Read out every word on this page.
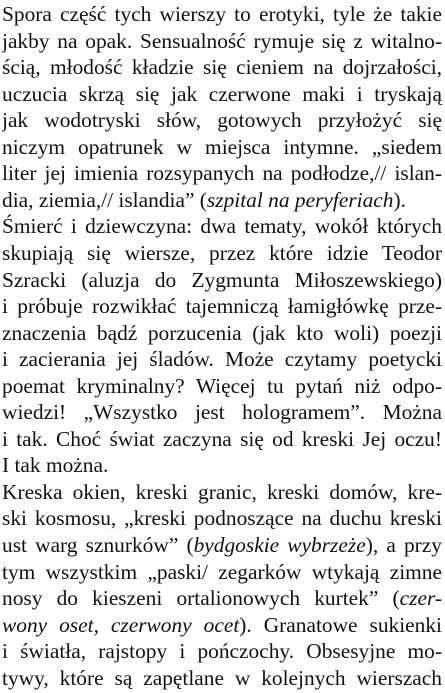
Spora część tych wierszy to erotyki, tyle że takie
jakby na opak. Sensualność rymuje się z witalno-
ścią, młodość kładzie się cieniem na dojrzałości,
uczucia skrzą się jak czerwone maki i tryskają
jak wodotryski słów, gotowych przyłożyć się
niczym opatrunek w miejsca intymne. „siedem
liter jej imienia rozsypanych na podłodze,// islan-
dia, ziemia,// islandia” (szpital na peryferiach).
Śmierć i dziewczyna: dwa tematy, wokół których
skupiają się wiersze, przez które idzie Teodor
Szracki (aluzja do Zygmunta Miłoszewskiego)
i próbuje rozwikłać tajemniczą łamigłówkę prze-
znaczenia bądź porzucenia (jak kto woli) poezji
i zacierania jej śladów. Może czytamy poetycki
poemat kryminalny? Więcej tu pytań niż odpo-
wiedzi! „Wszystko jest hologramem”. Można
i tak. Choć świat zaczyna się od kreski Jej oczu!
I tak można.
Kreska okien, kreski granic, kreski domów, kre-
ski kosmosu, „kreski podnoszące na duchu kreski
ust warg sznurków” (bydgoskie wybrzeże), a przy
tym wszystkim „paski/ zegarków wtykają zimne
nosy do kieszeni ortalionowych kurtek” (czer-
wony oset, czerwony ocet). Granatowe sukienki
i światła, rajstopy i pończochy. Obsesyjne mo-
tywy, które są zapętlane w kolejnych wierszach
